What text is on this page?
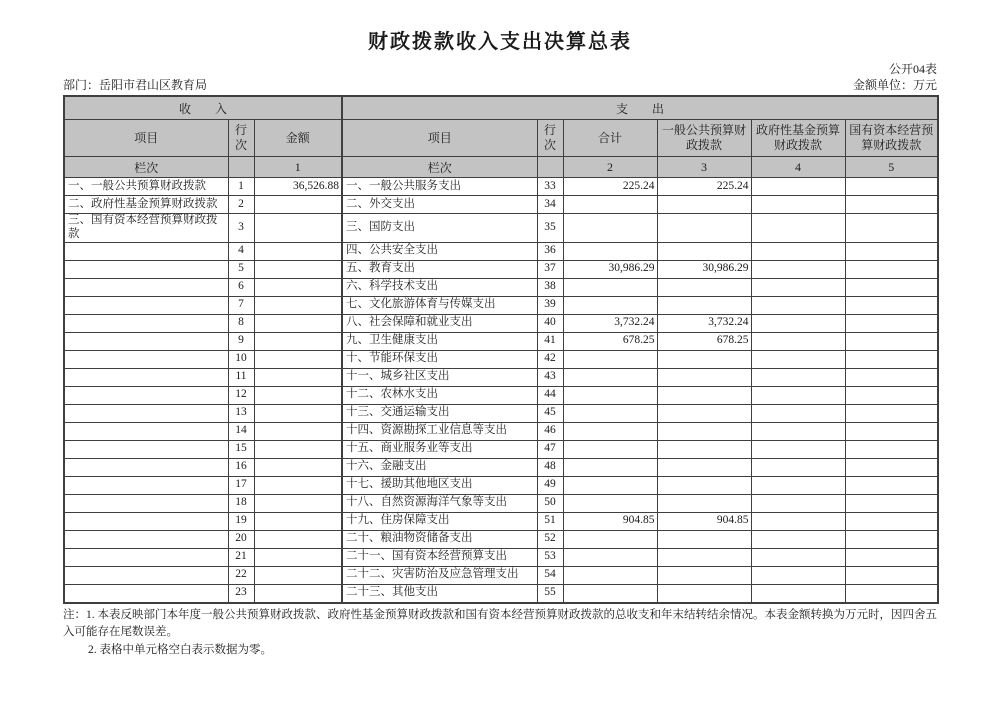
财政拨款收入支出决算总表
公开04表
部门：岳阳市君山区教育局	金额单位：万元
收　　入			支　　出					
项目	行次	金额	项目	行次	合计	一般公共预算财政拨款	政府性基金预算财政拨款	国有资本经营预算财政拨款
栏次		1	栏次		2	3	4	5
一、一般公共预算财政拨款	1	36,526.88	一、一般公共服务支出	33	225.24	225.24		
二、政府性基金预算财政拨款	2		二、外交支出	34				
三、国有资本经营预算财政拨款	3		三、国防支出	35				
	4		四、公共安全支出	36				
	5		五、教育支出	37	30,986.29	30,986.29		
	6		六、科学技术支出	38				
	7		七、文化旅游体育与传媒支出	39				
	8		八、社会保障和就业支出	40	3,732.24	3,732.24		
	9		九、卫生健康支出	41	678.25	678.25		
	10		十、节能环保支出	42				
	11		十一、城乡社区支出	43				
	12		十二、农林水支出	44				
	13		十三、交通运输支出	45				
	14		十四、资源勘探工业信息等支出	46				
	15		十五、商业服务业等支出	47				
	16		十六、金融支出	48				
	17		十七、援助其他地区支出	49				
	18		十八、自然资源海洋气象等支出	50				
	19		十九、住房保障支出	51	904.85	904.85		
	20		二十、粮油物资储备支出	52				
	21		二十一、国有资本经营预算支出	53				
	22		二十二、灾害防治及应急管理支出	54				
	23		二十三、其他支出	55				
注：1. 本表反映部门本年度一般公共预算财政拨款、政府性基金预算财政拨款和国有资本经营预算财政拨款的总收支和年末结转结余情况。本表金额转换为万元时，因四舍五入可能存在尾数误差。
2. 表格中单元格空白表示数据为零。
